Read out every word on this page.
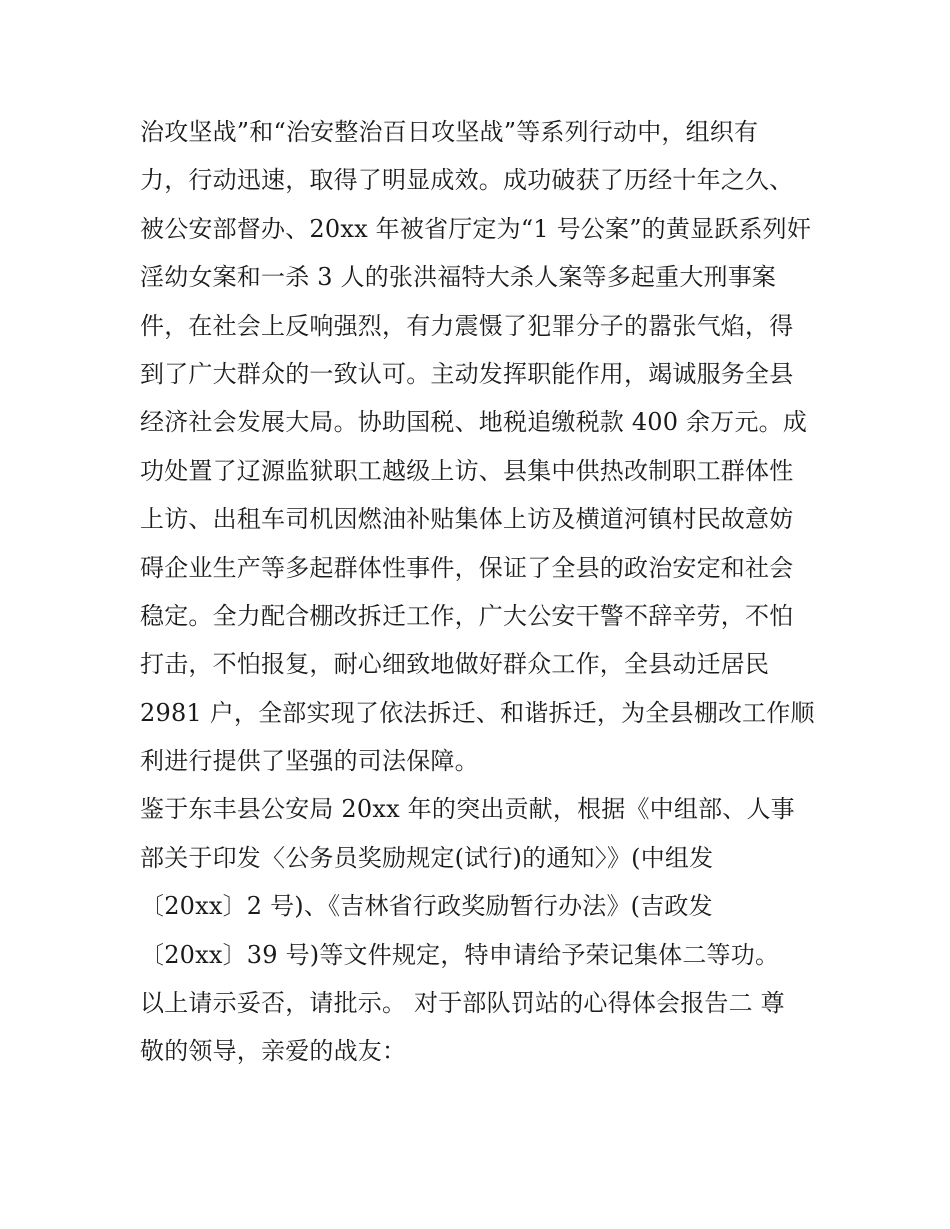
治攻坚战”和“治安整治百日攻坚战”等系列行动中，组织有
力，行动迅速，取得了明显成效。成功破获了历经十年之久、
被公安部督办、20xx 年被省厅定为“1 号公案”的黄显跃系列奸
淫幼女案和一杀 3 人的张洪福特大杀人案等多起重大刑事案
件，在社会上反响强烈，有力震慑了犯罪分子的嚣张气焰，得
到了广大群众的一致认可。主动发挥职能作用，竭诚服务全县
经济社会发展大局。协助国税、地税追缴税款 400 余万元。成
功处置了辽源监狱职工越级上访、县集中供热改制职工群体性
上访、出租车司机因燃油补贴集体上访及横道河镇村民故意妨
碍企业生产等多起群体性事件，保证了全县的政治安定和社会
稳定。全力配合棚改拆迁工作，广大公安干警不辞辛劳，不怕
打击，不怕报复，耐心细致地做好群众工作，全县动迁居民
2981 户，全部实现了依法拆迁、和谐拆迁，为全县棚改工作顺
利进行提供了坚强的司法保障。
鉴于东丰县公安局 20xx 年的突出贡献，根据《中组部、人事
部关于印发〈公务员奖励规定(试行)的通知〉》(中组发
〔20xx〕2 号)、《吉林省行政奖励暂行办法》(吉政发
〔20xx〕39 号)等文件规定，特申请给予荣记集体二等功。
以上请示妥否，请批示。 对于部队罚站的心得体会报告二 尊
敬的领导，亲爱的战友：
